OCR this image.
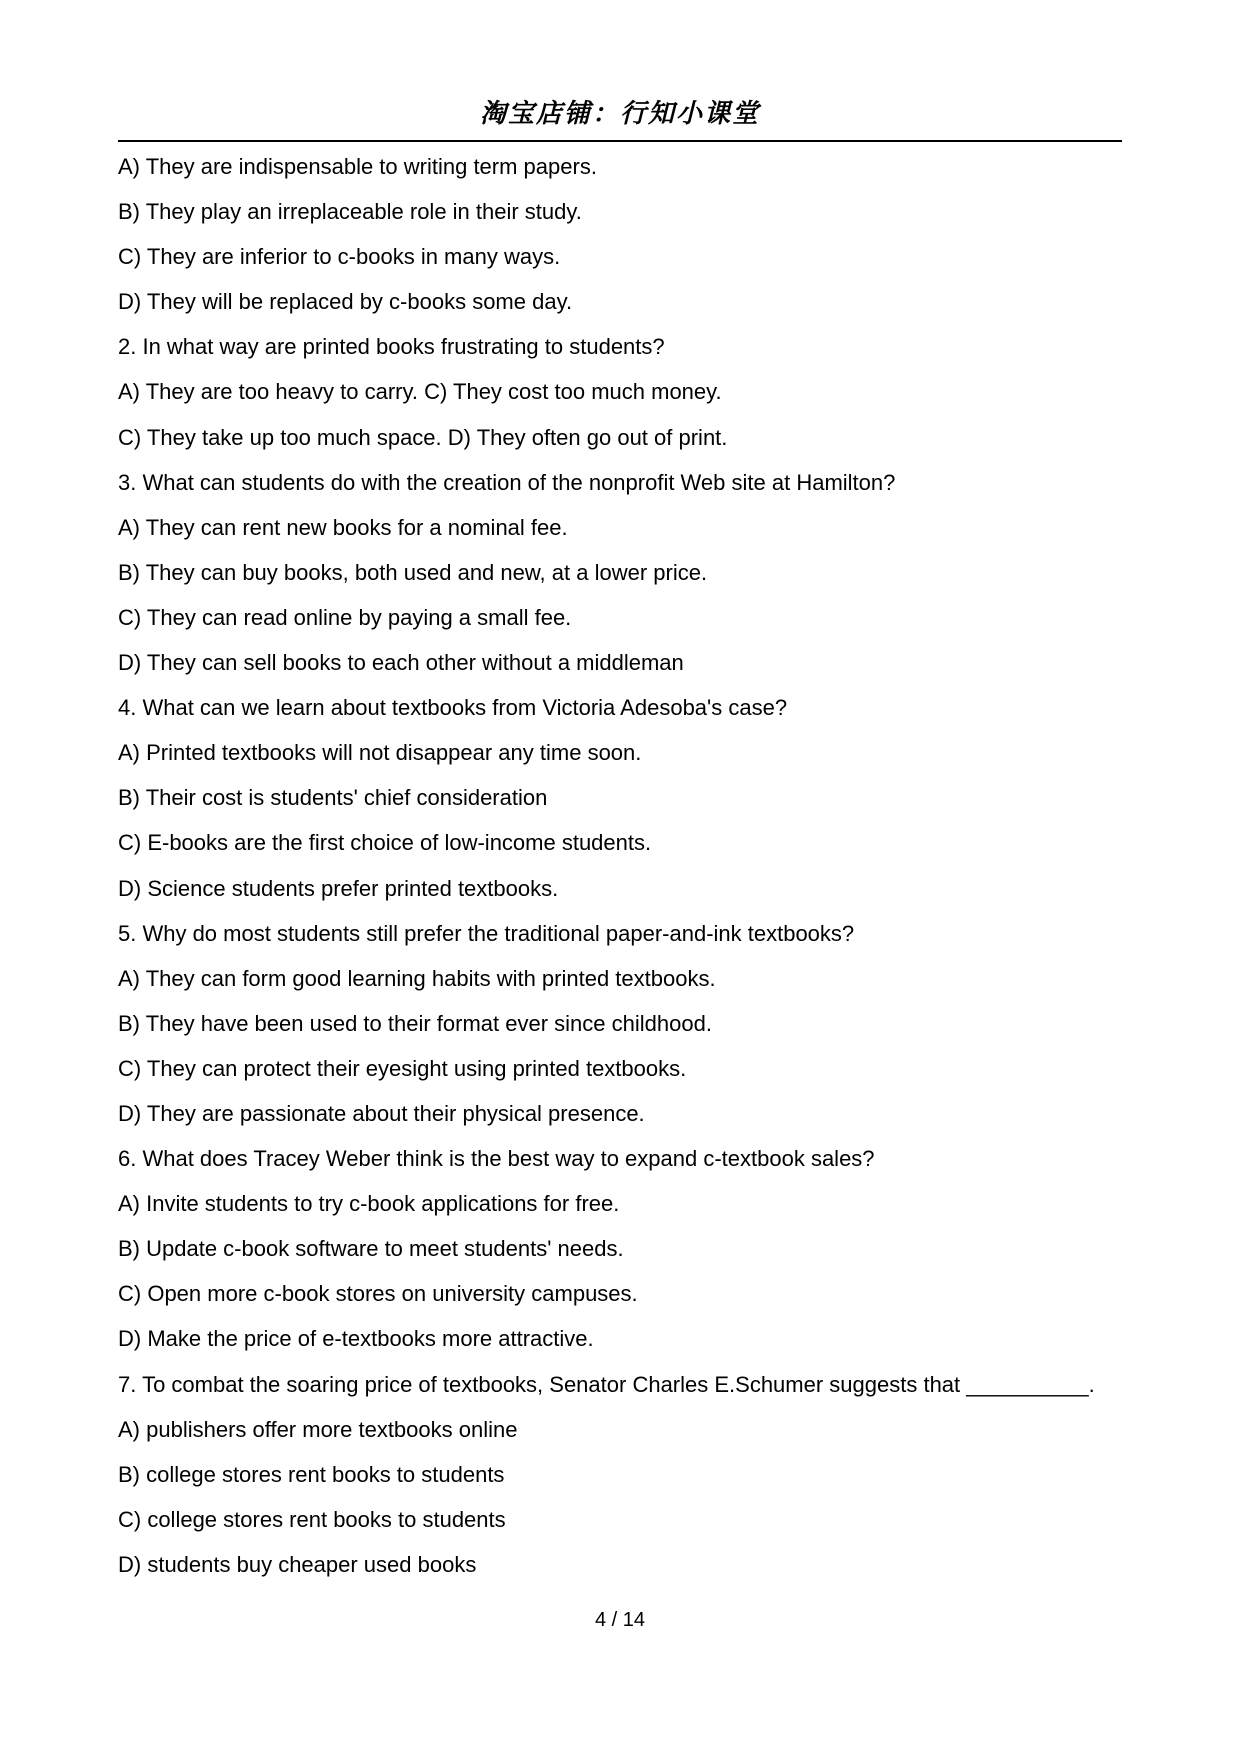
淘宝店铺：行知小课堂
A) They are indispensable to writing term papers.
B) They play an irreplaceable role in their study.
C) They are inferior to c-books in many ways.
D) They will be replaced by c-books some day.
2. In what way are printed books frustrating to students?
A) They are too heavy to carry. C) They cost too much money.
C) They take up too much space. D) They often go out of print.
3. What can students do with the creation of the nonprofit Web site at Hamilton?
A) They can rent new books for a nominal fee.
B) They can buy books, both used and new, at a lower price.
C) They can read online by paying a small fee.
D) They can sell books to each other without a middleman
4. What can we learn about textbooks from Victoria Adesoba's case?
A) Printed textbooks will not disappear any time soon.
B) Their cost is students' chief consideration
C) E-books are the first choice of low-income students.
D) Science students prefer printed textbooks.
5. Why do most students still prefer the traditional paper-and-ink textbooks?
A) They can form good learning habits with printed textbooks.
B) They have been used to their format ever since childhood.
C) They can protect their eyesight using printed textbooks.
D) They are passionate about their physical presence.
6. What does Tracey Weber think is the best way to expand c-textbook sales?
A) Invite students to try c-book applications for free.
B) Update c-book software to meet students' needs.
C) Open more c-book stores on university campuses.
D) Make the price of e-textbooks more attractive.
7. To combat the soaring price of textbooks, Senator Charles E.Schumer suggests that __________.
A) publishers offer more textbooks online
B) college stores rent books to students
C) college stores rent books to students
D) students buy cheaper used books
4 / 14
